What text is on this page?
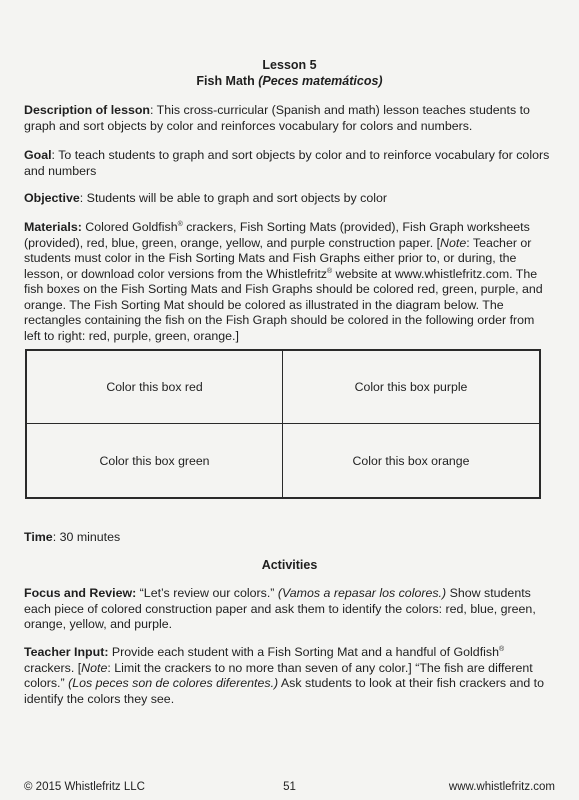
Lesson 5
Fish Math (Peces matemáticos)
Description of lesson: This cross-curricular (Spanish and math) lesson teaches students to graph and sort objects by color and reinforces vocabulary for colors and numbers.
Goal: To teach students to graph and sort objects by color and to reinforce vocabulary for colors and numbers
Objective: Students will be able to graph and sort objects by color
Materials: Colored Goldfish® crackers, Fish Sorting Mats (provided), Fish Graph worksheets (provided), red, blue, green, orange, yellow, and purple construction paper. [Note: Teacher or students must color in the Fish Sorting Mats and Fish Graphs either prior to, or during, the lesson, or download color versions from the Whistlefritz® website at www.whistlefritz.com. The fish boxes on the Fish Sorting Mats and Fish Graphs should be colored red, green, purple, and orange. The Fish Sorting Mat should be colored as illustrated in the diagram below. The rectangles containing the fish on the Fish Graph should be colored in the following order from left to right: red, purple, green, orange.]
Color this box red	Color this box purple
Color this box green	Color this box orange
Time: 30 minutes
Activities
Focus and Review: “Let’s review our colors.” (Vamos a repasar los colores.) Show students each piece of colored construction paper and ask them to identify the colors: red, blue, green, orange, yellow, and purple.
Teacher Input: Provide each student with a Fish Sorting Mat and a handful of Goldfish® crackers. [Note: Limit the crackers to no more than seven of any color.] “The fish are different colors.” (Los peces son de colores diferentes.) Ask students to look at their fish crackers and to identify the colors they see.
© 2015 Whistlefritz LLC	51	www.whistlefritz.com
